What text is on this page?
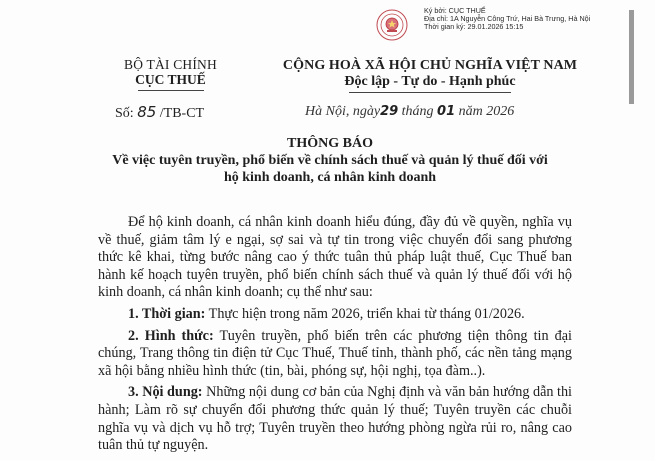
Ký bởi: CỤC THUẾ
Địa chỉ: 1A Nguyễn Công Trứ, Hai Bà Trưng, Hà Nội
Thời gian ký: 29.01.2026 15:15
BỘ TÀI CHÍNH
CỤC THUẾ
Số: 85 /TB-CT
CỘNG HOÀ XÃ HỘI CHỦ NGHĨA VIỆT NAM
Độc lập - Tự do - Hạnh phúc
Hà Nội, ngày29 tháng 01 năm 2026
THÔNG BÁO
Về việc tuyên truyền, phổ biến về chính sách thuế và quản lý thuế đối với
hộ kinh doanh, cá nhân kinh doanh

Để hộ kinh doanh, cá nhân kinh doanh hiểu đúng, đầy đủ về quyền, nghĩa vụ về thuế, giảm tâm lý e ngại, sợ sai và tự tin trong việc chuyển đổi sang phương thức kê khai, từng bước nâng cao ý thức tuân thủ pháp luật thuế, Cục Thuế ban hành kế hoạch tuyên truyền, phổ biến chính sách thuế và quản lý thuế đối với hộ kinh doanh, cá nhân kinh doanh; cụ thể như sau:

1. Thời gian: Thực hiện trong năm 2026, triển khai từ tháng 01/2026.

2. Hình thức: Tuyên truyền, phổ biến trên các phương tiện thông tin đại chúng, Trang thông tin điện tử Cục Thuế, Thuế tỉnh, thành phố, các nền tảng mạng xã hội bằng nhiều hình thức (tin, bài, phóng sự, hội nghị, tọa đàm..).

3. Nội dung: Những nội dung cơ bản của Nghị định và văn bản hướng dẫn thi hành; Làm rõ sự chuyển đổi phương thức quản lý thuế; Tuyên truyền các chuỗi nghĩa vụ và dịch vụ hỗ trợ; Tuyên truyền theo hướng phòng ngừa rủi ro, nâng cao tuân thủ tự nguyện.
